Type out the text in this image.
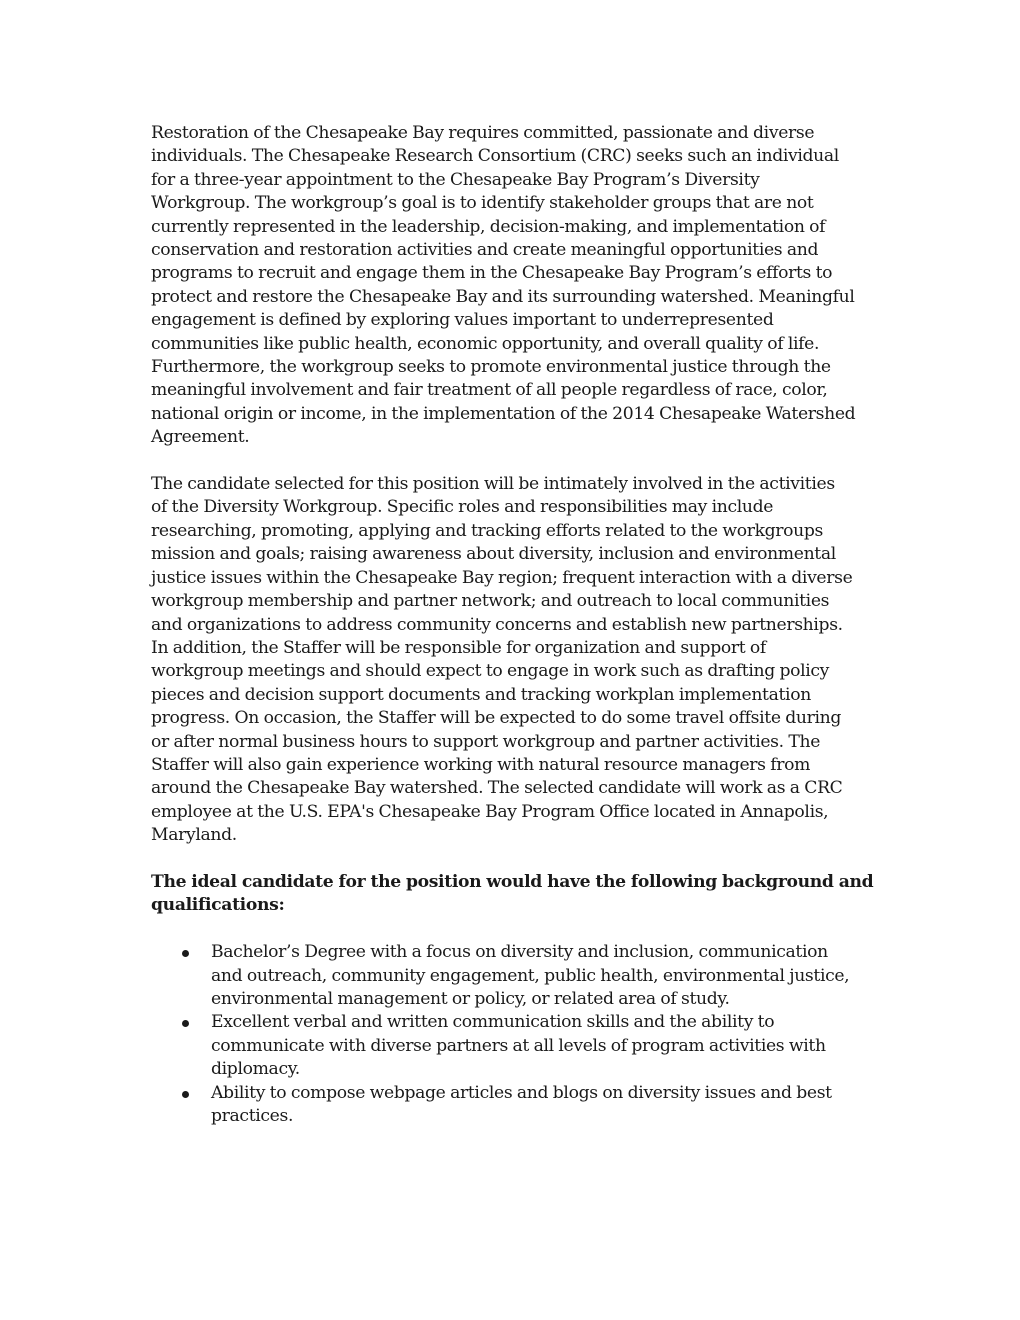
Restoration of the Chesapeake Bay requires committed, passionate and diverse
individuals. The Chesapeake Research Consortium (CRC) seeks such an individual
for a three-year appointment to the Chesapeake Bay Program’s Diversity
Workgroup. The workgroup’s goal is to identify stakeholder groups that are not
currently represented in the leadership, decision-making, and implementation of
conservation and restoration activities and create meaningful opportunities and
programs to recruit and engage them in the Chesapeake Bay Program’s efforts to
protect and restore the Chesapeake Bay and its surrounding watershed. Meaningful
engagement is defined by exploring values important to underrepresented
communities like public health, economic opportunity, and overall quality of life.
Furthermore, the workgroup seeks to promote environmental justice through the
meaningful involvement and fair treatment of all people regardless of race, color,
national origin or income, in the implementation of the 2014 Chesapeake Watershed
Agreement.
The candidate selected for this position will be intimately involved in the activities
of the Diversity Workgroup. Specific roles and responsibilities may include
researching, promoting, applying and tracking efforts related to the workgroups
mission and goals; raising awareness about diversity, inclusion and environmental
justice issues within the Chesapeake Bay region; frequent interaction with a diverse
workgroup membership and partner network; and outreach to local communities
and organizations to address community concerns and establish new partnerships.
In addition, the Staffer will be responsible for organization and support of
workgroup meetings and should expect to engage in work such as drafting policy
pieces and decision support documents and tracking workplan implementation
progress. On occasion, the Staffer will be expected to do some travel offsite during
or after normal business hours to support workgroup and partner activities. The
Staffer will also gain experience working with natural resource managers from
around the Chesapeake Bay watershed. The selected candidate will work as a CRC
employee at the U.S. EPA's Chesapeake Bay Program Office located in Annapolis,
Maryland.
The ideal candidate for the position would have the following background and
qualifications:
Bachelor’s Degree with a focus on diversity and inclusion, communication
and outreach, community engagement, public health, environmental justice,
environmental management or policy, or related area of study.
Excellent verbal and written communication skills and the ability to
communicate with diverse partners at all levels of program activities with
diplomacy.
Ability to compose webpage articles and blogs on diversity issues and best
practices.
